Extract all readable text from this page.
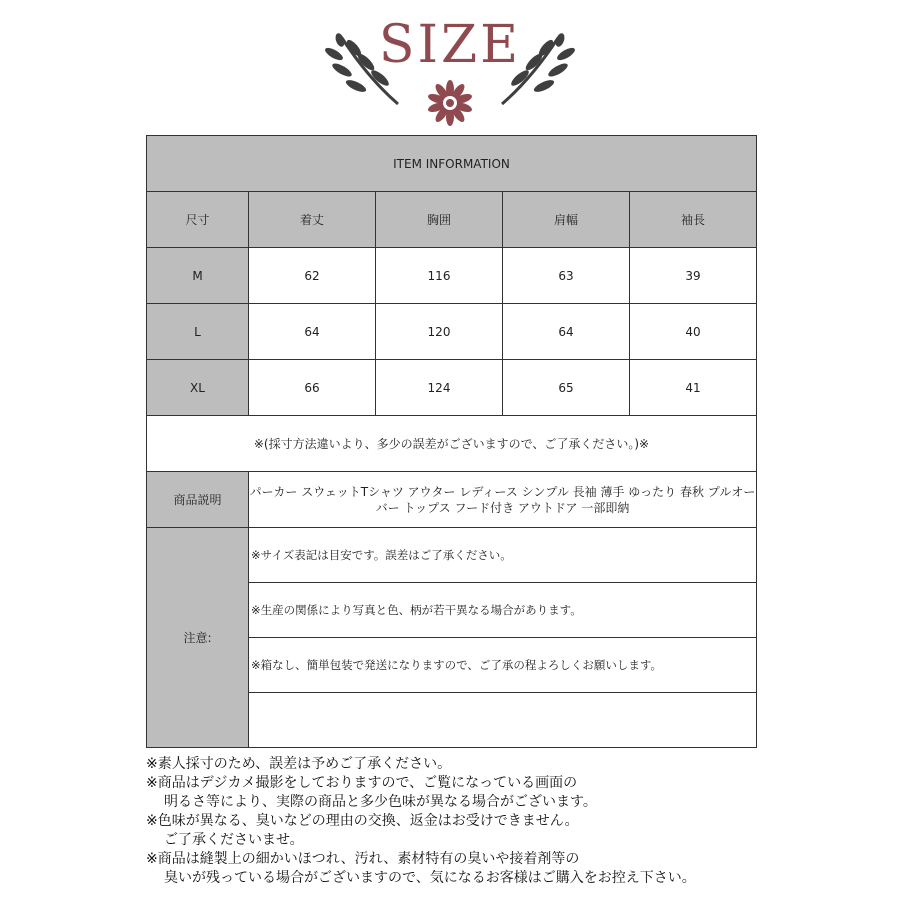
SIZE
ITEM INFORMATION				
尺寸	着丈	胸囲	肩幅	袖長
M	62	116	63	39
L	64	120	64	40
XL	66	124	65	41
※(採寸方法違いより、多少の誤差がございますので、ご了承ください。)※				
商品説明	パーカー スウェットTシャツ アウター レディース シンプル 長袖 薄手 ゆったり 春秋 プルオーバー トップス フード付き アウトドア 一部即納			
注意:	※サイズ表記は目安です。誤差はご了承ください。			
	※生産の関係により写真と色、柄が若干異なる場合があります。			
	※箱なし、簡単包装で発送になりますので、ご了承の程よろしくお願いします。			

※素人採寸のため、誤差は予めご了承ください。
※商品はデジカメ撮影をしておりますので、ご覧になっている画面の
明るさ等により、実際の商品と多少色味が異なる場合がございます。
※色味が異なる、臭いなどの理由の交換、返金はお受けできません。
ご了承くださいませ。
※商品は縫製上の細かいほつれ、汚れ、素材特有の臭いや接着剤等の
臭いが残っている場合がございますので、気になるお客様はご購入をお控え下さい。
